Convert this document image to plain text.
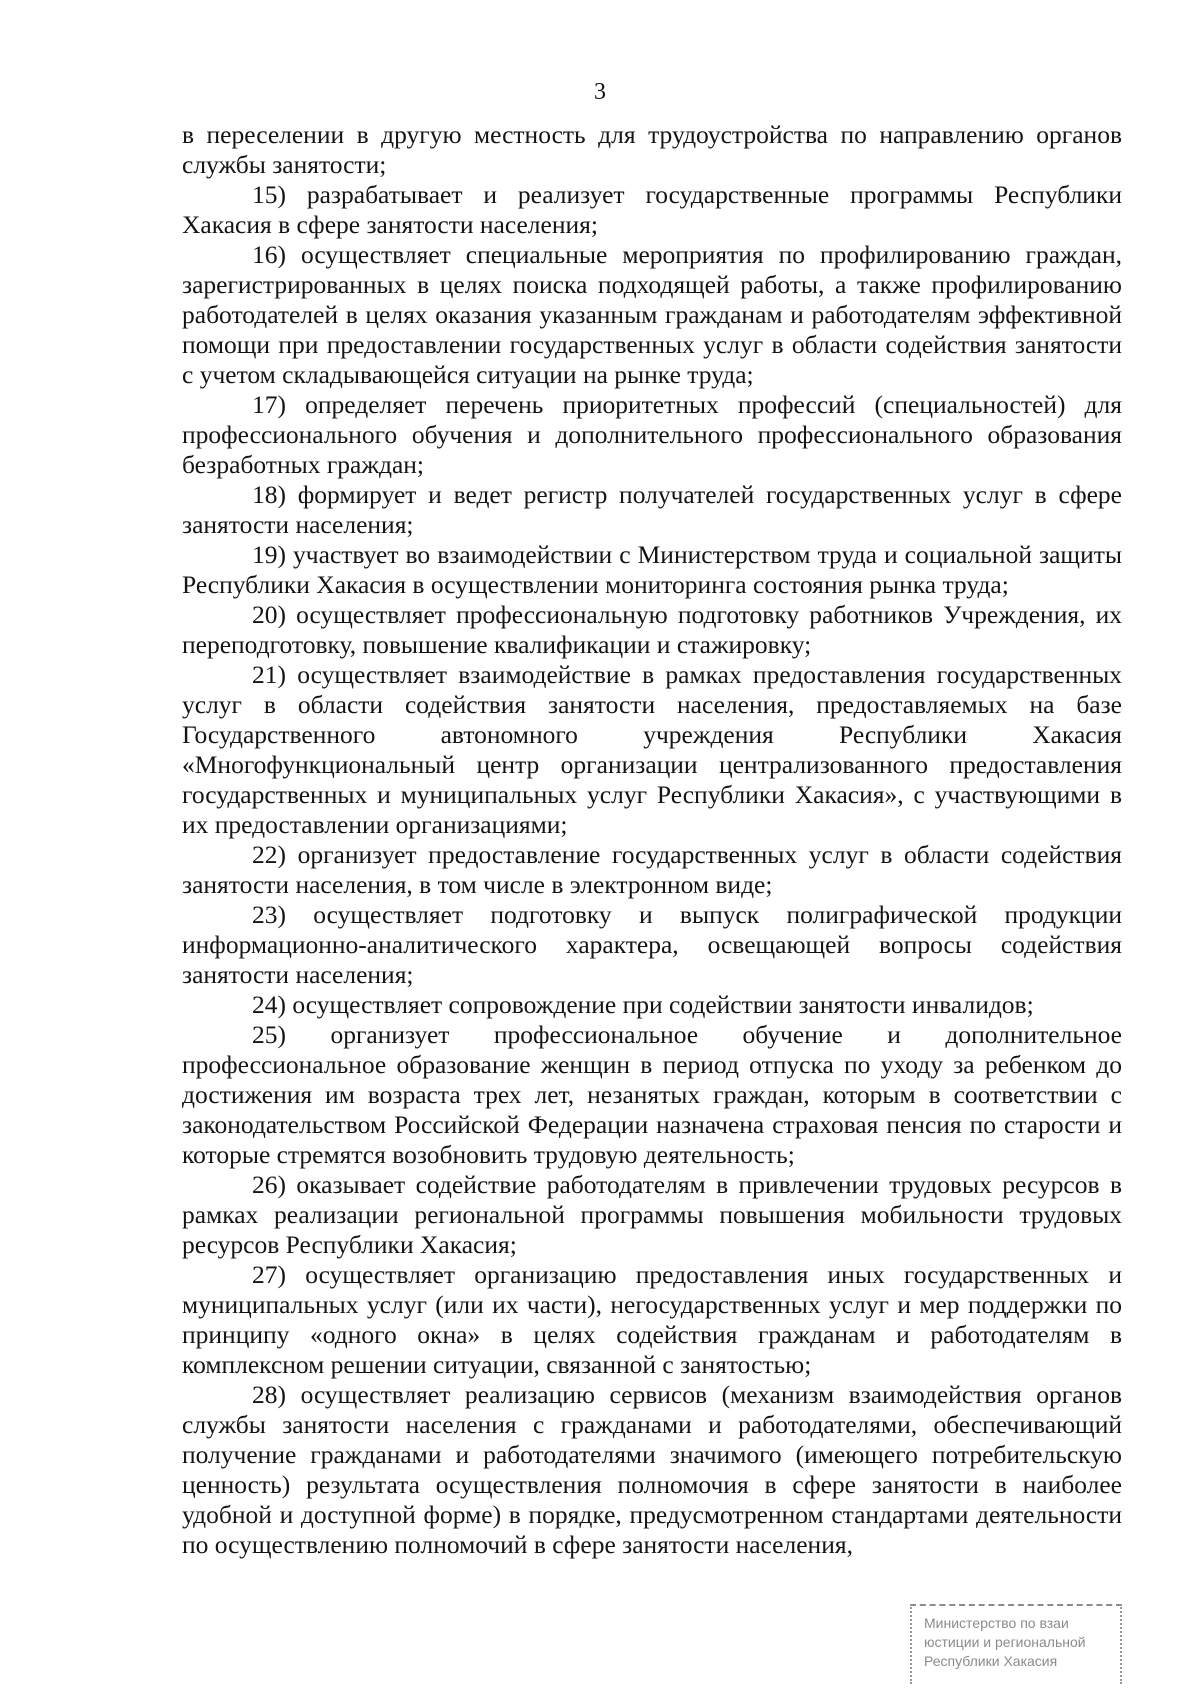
3

в переселении в другую местность для трудоустройства по направлению органов службы занятости;

15) разрабатывает и реализует государственные программы Республики Хакасия в сфере занятости населения;

16) осуществляет специальные мероприятия по профилированию граждан, зарегистрированных в целях поиска подходящей работы, а также профилированию работодателей в целях оказания указанным гражданам и работодателям эффективной помощи при предоставлении государственных услуг в области содействия занятости с учетом складывающейся ситуации на рынке труда;

17) определяет перечень приоритетных профессий (специальностей) для профессионального обучения и дополнительного профессионального образования безработных граждан;

18) формирует и ведет регистр получателей государственных услуг в сфере занятости населения;

19) участвует во взаимодействии с Министерством труда и социальной защиты Республики Хакасия в осуществлении мониторинга состояния рынка труда;

20) осуществляет профессиональную подготовку работников Учреждения, их переподготовку, повышение квалификации и стажировку;

21) осуществляет взаимодействие в рамках предоставления государственных услуг в области содействия занятости населения, предоставляемых на базе Государственного автономного учреждения Республики Хакасия «Многофункциональный центр организации централизованного предоставления государственных и муниципальных услуг Республики Хакасия», с участвующими в их предоставлении организациями;

22) организует предоставление государственных услуг в области содействия занятости населения, в том числе в электронном виде;

23) осуществляет подготовку и выпуск полиграфической продукции информационно-аналитического характера, освещающей вопросы содействия занятости населения;

24) осуществляет сопровождение при содействии занятости инвалидов;

25) организует профессиональное обучение и дополнительное профессиональное образование женщин в период отпуска по уходу за ребенком до достижения им возраста трех лет, незанятых граждан, которым в соответствии с законодательством Российской Федерации назначена страховая пенсия по старости и которые стремятся возобновить трудовую деятельность;

26) оказывает содействие работодателям в привлечении трудовых ресурсов в рамках реализации региональной программы повышения мобильности трудовых ресурсов Республики Хакасия;

27) осуществляет организацию предоставления иных государственных и муниципальных услуг (или их части), негосударственных услуг и мер поддержки по принципу «одного окна» в целях содействия гражданам и работодателям в комплексном решении ситуации, связанной с занятостью;

28) осуществляет реализацию сервисов (механизм взаимодействия органов службы занятости населения с гражданами и работодателями, обеспечивающий получение гражданами и работодателями значимого (имеющего потребительскую ценность) результата осуществления полномочия в сфере занятости в наиболее удобной и доступной форме) в порядке, предусмотренном стандартами деятельности по осуществлению полномочий в сфере занятости населения,

Министерство по взаи
юстиции и региональной
Республики Хакасия
